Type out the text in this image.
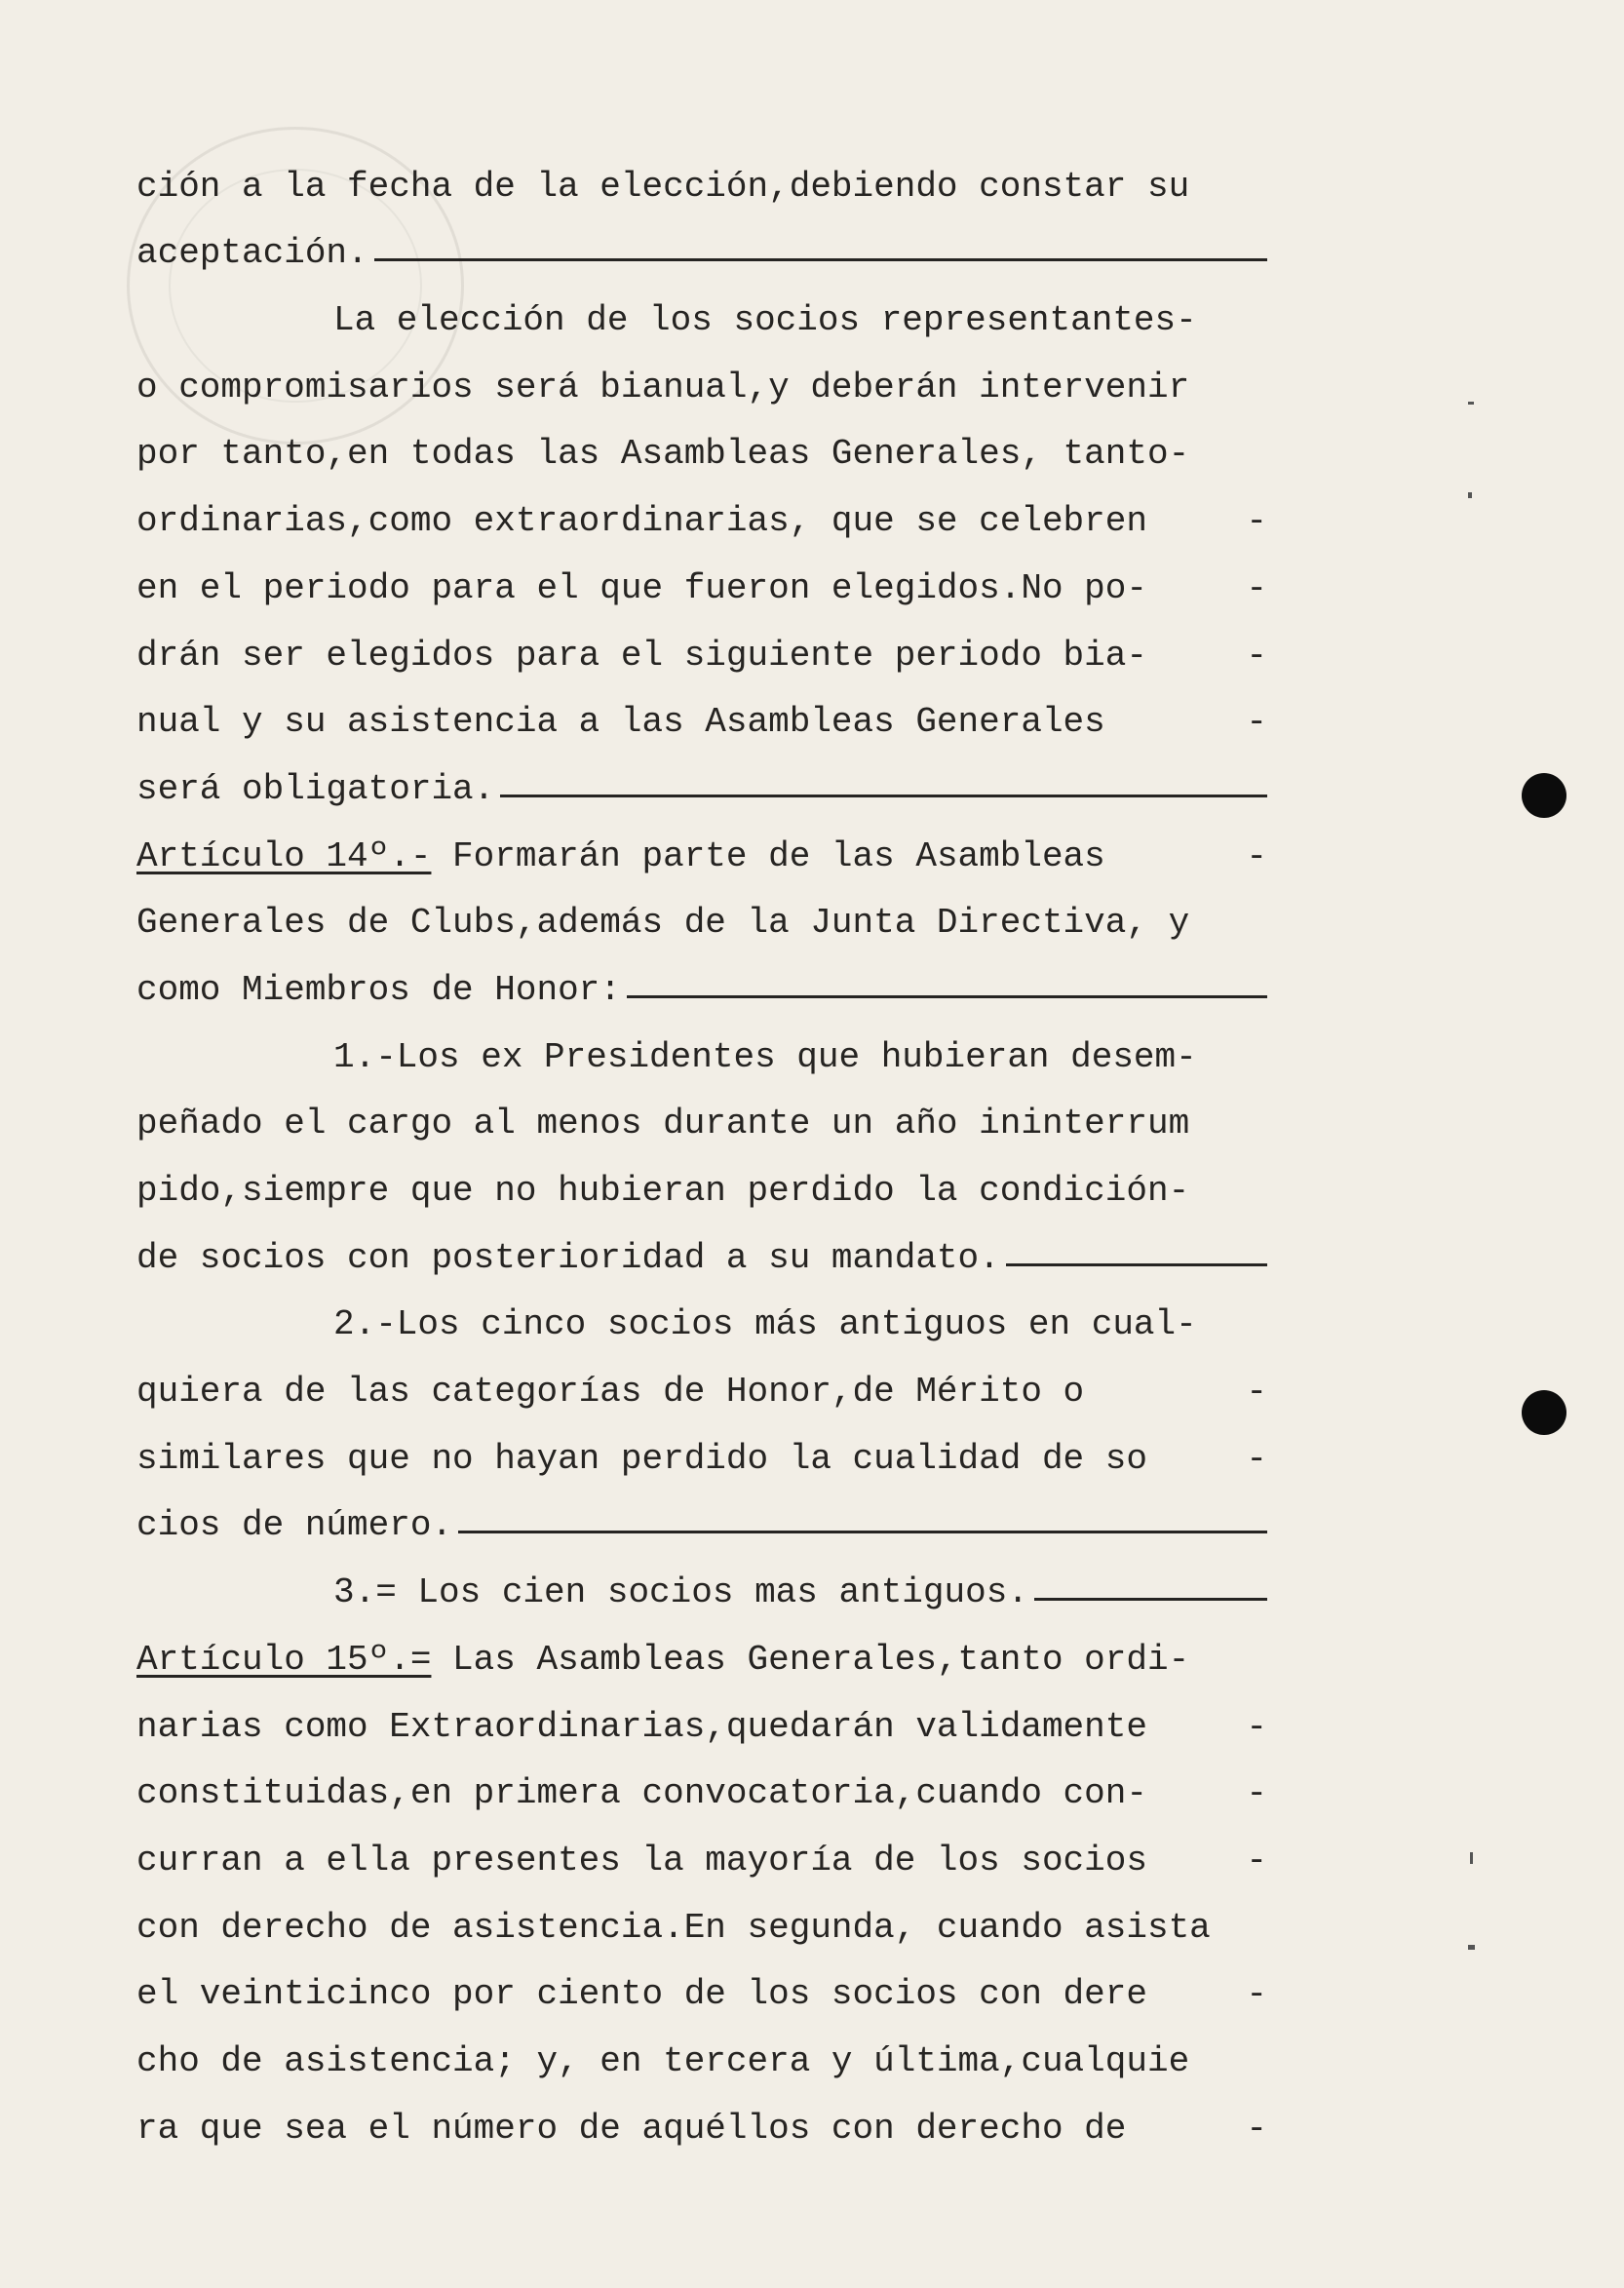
ción a la fecha de la elección,debiendo constar su
aceptación.
La elección de los socios representantes-
o compromisarios será bianual,y deberán intervenir
por tanto,en todas las Asambleas Generales, tanto-
ordinarias,como extraordinarias, que se celebren	-
en el periodo para el que fueron elegidos.No po-	-
drán ser elegidos para el siguiente periodo bia-	-
nual y su asistencia a las Asambleas Generales	-
será obligatoria.
Artículo 14º.- Formarán parte de las Asambleas	-
Generales de Clubs,además de la Junta Directiva, y
como Miembros de Honor:
1.-Los ex Presidentes que hubieran desem-
peñado el cargo al menos durante un año ininterrum
pido,siempre que no hubieran perdido la condición-
de socios con posterioridad a su mandato.
2.-Los cinco socios más antiguos en cual-
quiera de las categorías de Honor,de Mérito o	-
similares que no hayan perdido la cualidad de so	-
cios de número.
3.= Los cien socios mas antiguos.
Artículo 15º.= Las Asambleas Generales,tanto ordi-
narias como Extraordinarias,quedarán validamente	-
constituidas,en primera convocatoria,cuando con-	-
curran a ella presentes la mayoría de los socios	-
con derecho de asistencia.En segunda, cuando asista
el veinticinco por ciento de los socios con dere	-
cho de asistencia; y, en tercera y última,cualquie
ra que sea el número de aquéllos con derecho de	-
